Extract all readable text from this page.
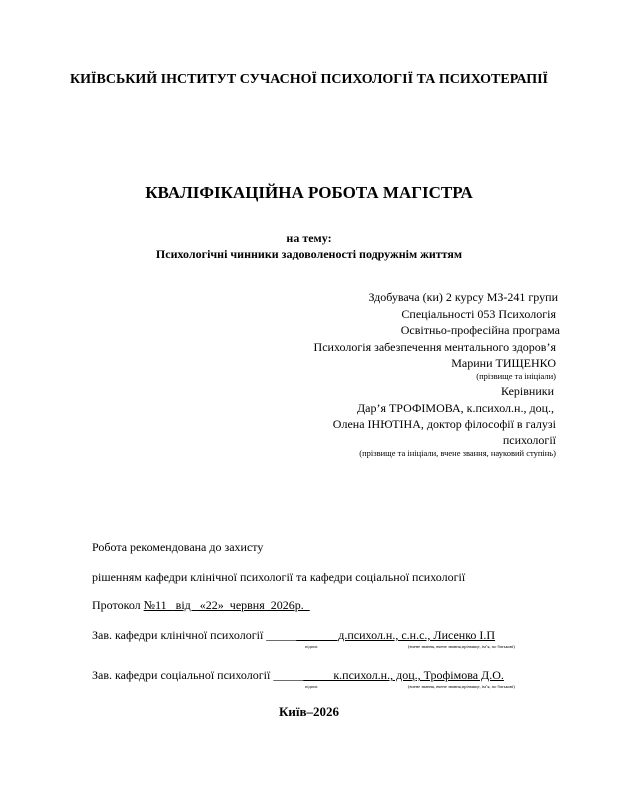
КИЇВСЬКИЙ ІНСТИТУТ СУЧАСНОЇ ПСИХОЛОГІЇ ТА ПСИХОТЕРАПІЇ
КВАЛІФІКАЦІЙНА РОБОТА МАГІСТРА
на тему:
Психологічні чинники задоволеності подружнім життям
Здобувача (ки) 2 курсу МЗ-241 групи
Спеціальності 053 Психологія
Освітньо-професійна програма
Психологія забезпечення ментального здоров’я
Марини ТИЩЕНКО
(прізвище та ініціали)
Керівники
Дар’я ТРОФІМОВА, к.психол.н., доц.,
Олена ІНЮТІНА, доктор філософії в галузі
психології
(прізвище та ініціали, вчене звання, науковий ступінь)
Робота рекомендована до захисту
рішенням кафедри клінічної психології та кафедри соціальної психології
Протокол №11   від   «22»  червня  2026р.
Зав. кафедри клінічної психології ____________д.психол.н., с.н.с., Лисенко І.П
підпис	(вчене звання, вчене звання,прізвище, ім’я, по батькові)
Зав. кафедри соціальної психології __________к.психол.н., доц., Трофімова Д.О.
підпис	(вчене звання, вчене звання,прізвище, ім’я, по батькові)
Київ–2026
